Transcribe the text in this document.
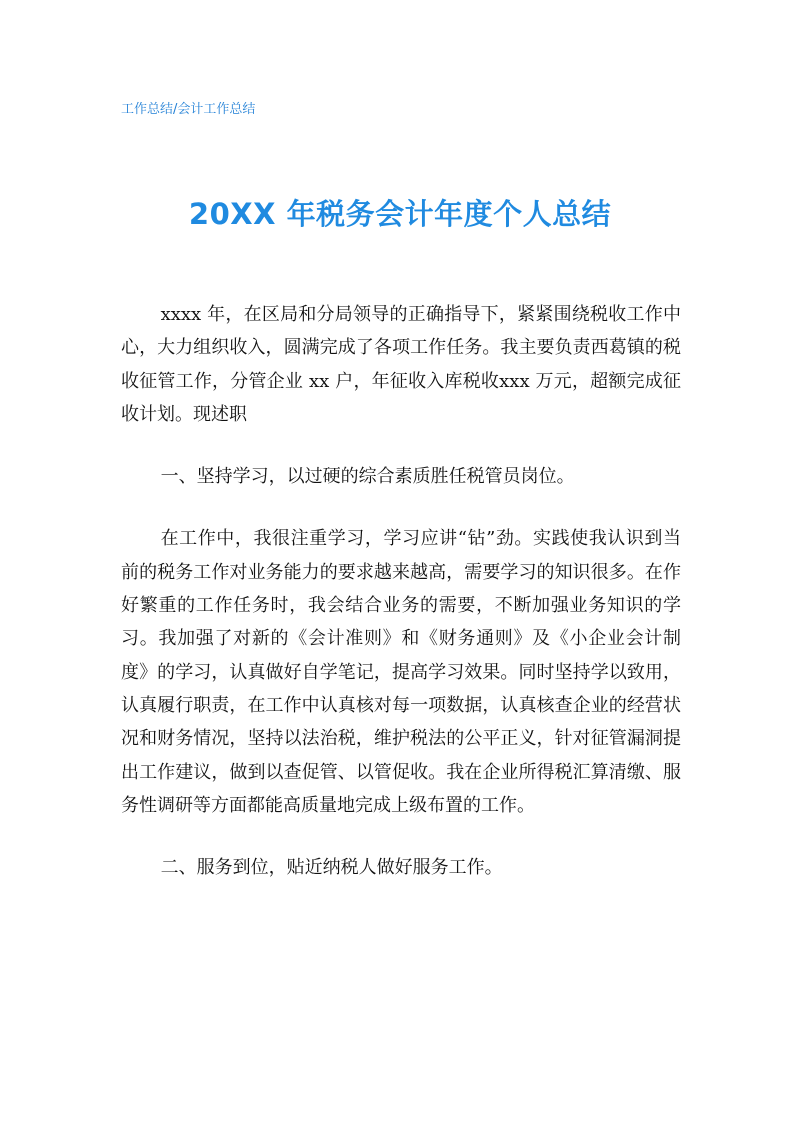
工作总结/会计工作总结
20XX 年税务会计年度个人总结

xxxx 年，在区局和分局领导的正确指导下，紧紧围绕税收工作中心，大力组织收入，圆满完成了各项工作任务。我主要负责西葛镇的税收征管工作，分管企业 xx 户，年征收入库税收xxx 万元，超额完成征收计划。现述职

一、坚持学习，以过硬的综合素质胜任税管员岗位。

在工作中，我很注重学习，学习应讲“钻”劲。实践使我认识到当前的税务工作对业务能力的要求越来越高，需要学习的知识很多。在作好繁重的工作任务时，我会结合业务的需要，不断加强业务知识的学习。我加强了对新的《会计准则》和《财务通则》及《小企业会计制度》的学习，认真做好自学笔记，提高学习效果。同时坚持学以致用，认真履行职责，在工作中认真核对每一项数据，认真核查企业的经营状况和财务情况，坚持以法治税，维护税法的公平正义，针对征管漏洞提出工作建议，做到以查促管、以管促收。我在企业所得税汇算清缴、服务性调研等方面都能高质量地完成上级布置的工作。

二、服务到位，贴近纳税人做好服务工作。
